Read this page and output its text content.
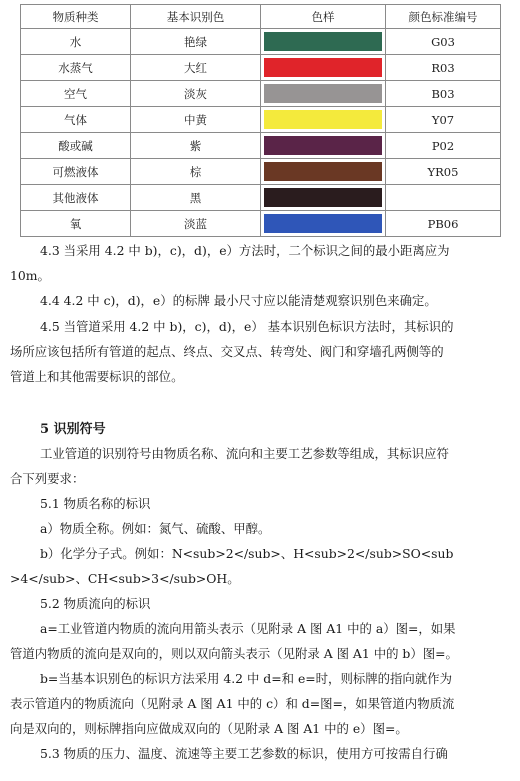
物质种类	基本识别色	色样	颜色标准编号
水	艳绿		G03
水蒸气	大红		R03
空气	淡灰		B03
气体	中黄		Y07
酸或碱	紫		P02
可燃液体	棕		YR05
其他液体	黑	

氧	淡蓝		PB06
4.3 当采用 4.2 中 b)，c)，d)，e）方法时，二个标识之间的最小距离应为
10m。
4.4 4.2 中 c)，d)，e）的标牌 最小尺寸应以能清楚观察识别色来确定。
4.5 当管道采用 4.2 中 b)，c)，d)，e） 基本识别色标识方法时，其标识的
场所应该包括所有管道的起点、终点、交叉点、转弯处、阀门和穿墙孔两侧等的
管道上和其他需要标识的部位。
5 识别符号
工业管道的识别符号由物质名称、流向和主要工艺参数等组成，其标识应符
合下列要求：
5.1 物质名称的标识
a）物质全称。例如：氮气、硫酸、甲醇。
b）化学分子式。例如：N<sub>2</sub>、H<sub>2</sub>SO<sub
>4</sub>、CH<sub>3</sub>OH。
5.2 物质流向的标识
a=工业管道内物质的流向用箭头表示（见附录 A 图 A1 中的 a）图=，如果
管道内物质的流向是双向的，则以双向箭头表示（见附录 A 图 A1 中的 b）图=。
b=当基本识别色的标识方法采用 4.2 中 d=和 e=时，则标牌的指向就作为
表示管道内的物质流向（见附录 A 图 A1 中的 c）和 d=图=，如果管道内物质流
向是双向的，则标牌指向应做成双向的（见附录 A 图 A1 中的 e）图=。
5.3 物质的压力、温度、流速等主要工艺参数的标识，使用方可按需自行确
